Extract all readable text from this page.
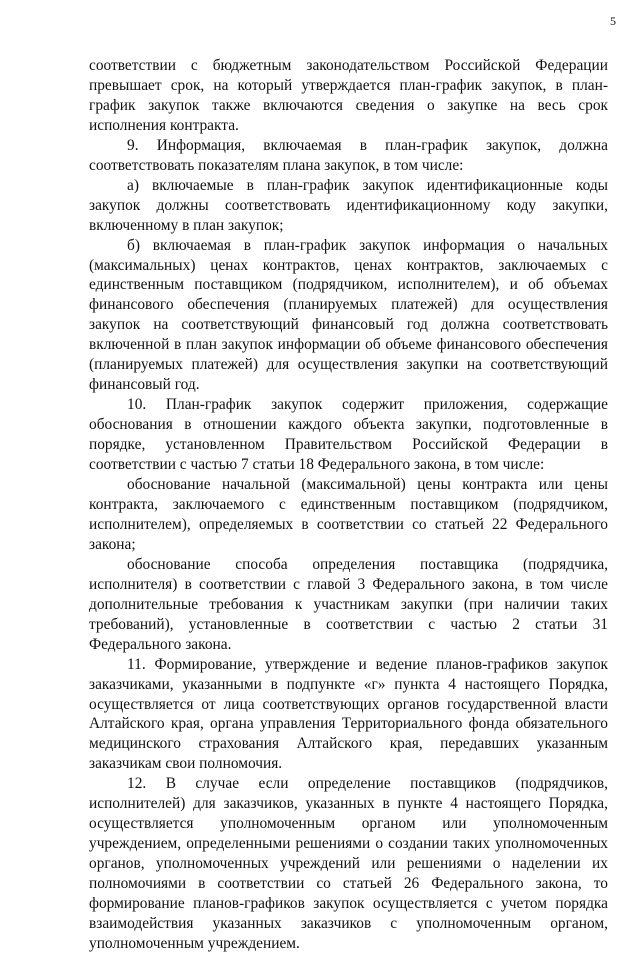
5

соответствии с бюджетным законодательством Российской Федерации превышает срок, на который утверждается план-график закупок, в план-график закупок также включаются сведения о закупке на весь срок исполнения контракта.

9. Информация, включаемая в план-график закупок, должна соответствовать показателям плана закупок, в том числе:

а) включаемые в план-график закупок идентификационные коды закупок должны соответствовать идентификационному коду закупки, включенному в план закупок;

б) включаемая в план-график закупок информация о начальных (максимальных) ценах контрактов, ценах контрактов, заключаемых с единственным поставщиком (подрядчиком, исполнителем), и об объемах финансового обеспечения (планируемых платежей) для осуществления закупок на соответствующий финансовый год должна соответствовать включенной в план закупок информации об объеме финансового обеспечения (планируемых платежей) для осуществления закупки на соответствующий финансовый год.

10. План-график закупок содержит приложения, содержащие обоснования в отношении каждого объекта закупки, подготовленные в порядке, установленном Правительством Российской Федерации в соответствии с частью 7 статьи 18 Федерального закона, в том числе:

обоснование начальной (максимальной) цены контракта или цены контракта, заключаемого с единственным поставщиком (подрядчиком, исполнителем), определяемых в соответствии со статьей 22 Федерального закона;

обоснование способа определения поставщика (подрядчика, исполнителя) в соответствии с главой 3 Федерального закона, в том числе дополнительные требования к участникам закупки (при наличии таких требований), установленные в соответствии с частью 2 статьи 31 Федерального закона.

11. Формирование, утверждение и ведение планов-графиков закупок заказчиками, указанными в подпункте «г» пункта 4 настоящего Порядка, осуществляется от лица соответствующих органов государственной власти Алтайского края, органа управления Территориального фонда обязательного медицинского страхования Алтайского края, передавших указанным заказчикам свои полномочия.

12. В случае если определение поставщиков (подрядчиков, исполнителей) для заказчиков, указанных в пункте 4 настоящего Порядка, осуществляется уполномоченным органом или уполномоченным учреждением, определенными решениями о создании таких уполномоченных органов, уполномоченных учреждений или решениями о наделении их полномочиями в соответствии со статьей 26 Федерального закона, то формирование планов-графиков закупок осуществляется с учетом порядка взаимодействия указанных заказчиков с уполномоченным органом, уполномоченным учреждением.
